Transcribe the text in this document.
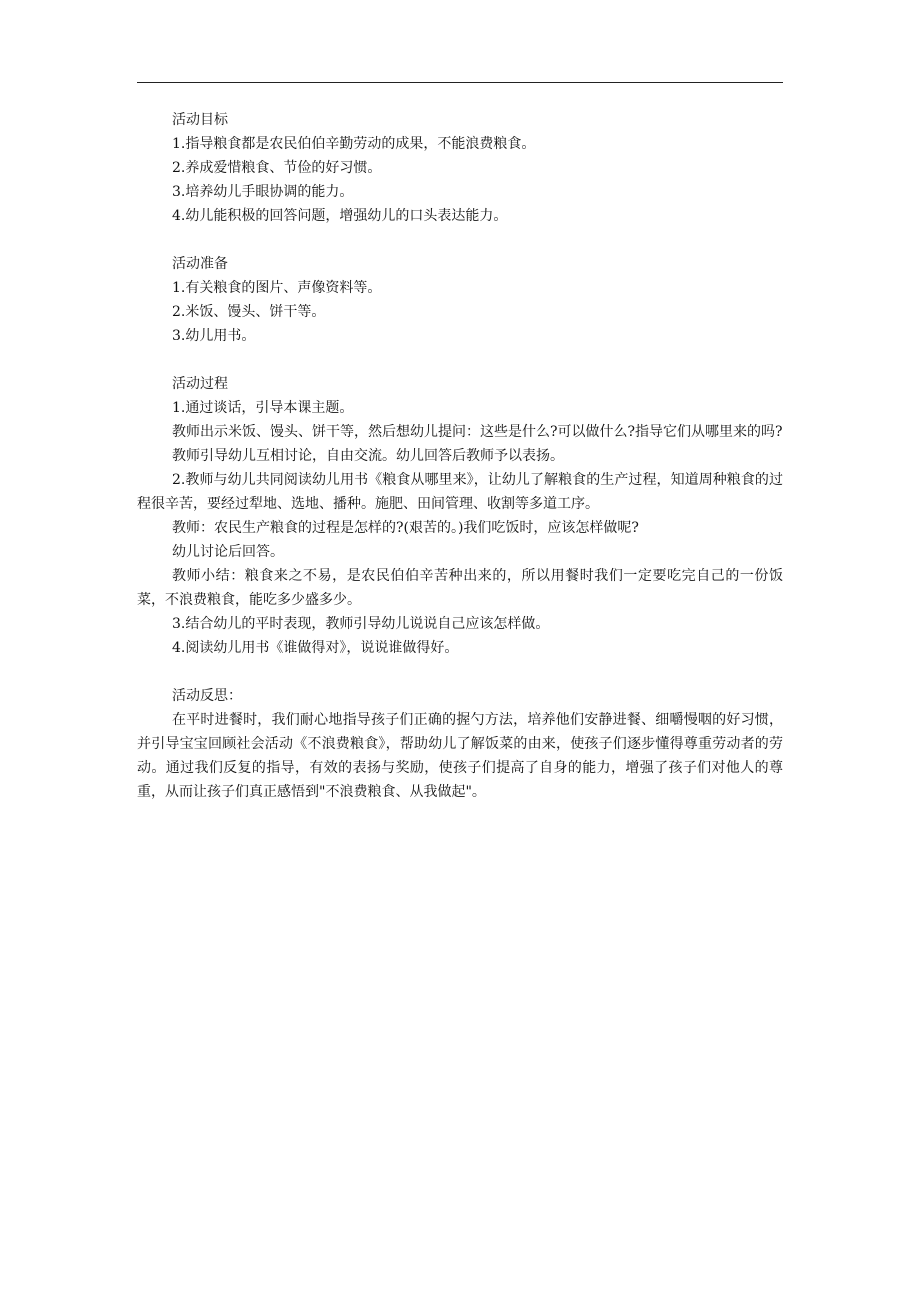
活动目标

1.指导粮食都是农民伯伯辛勤劳动的成果，不能浪费粮食。

2.养成爱惜粮食、节俭的好习惯。

3.培养幼儿手眼协调的能力。

4.幼儿能积极的回答问题，增强幼儿的口头表达能力。

活动准备

1.有关粮食的图片、声像资料等。

2.米饭、馒头、饼干等。

3.幼儿用书。

活动过程

1.通过谈话，引导本课主题。

教师出示米饭、馒头、饼干等，然后想幼儿提问：这些是什么?可以做什么?指导它们从哪里来的吗?

教师引导幼儿互相讨论，自由交流。幼儿回答后教师予以表扬。

2.教师与幼儿共同阅读幼儿用书《粮食从哪里来》，让幼儿了解粮食的生产过程，知道周种粮食的过程很辛苦，要经过犁地、选地、播种。施肥、田间管理、收割等多道工序。

教师：农民生产粮食的过程是怎样的?(艰苦的。)我们吃饭时，应该怎样做呢?

幼儿讨论后回答。

教师小结：粮食来之不易，是农民伯伯辛苦种出来的，所以用餐时我们一定要吃完自己的一份饭菜，不浪费粮食，能吃多少盛多少。

3.结合幼儿的平时表现，教师引导幼儿说说自己应该怎样做。

4.阅读幼儿用书《谁做得对》，说说谁做得好。

活动反思：

在平时进餐时，我们耐心地指导孩子们正确的握勺方法，培养他们安静进餐、细嚼慢咽的好习惯，并引导宝宝回顾社会活动《不浪费粮食》，帮助幼儿了解饭菜的由来，使孩子们逐步懂得尊重劳动者的劳动。通过我们反复的指导，有效的表扬与奖励，使孩子们提高了自身的能力，增强了孩子们对他人的尊重，从而让孩子们真正感悟到"不浪费粮食、从我做起"。
